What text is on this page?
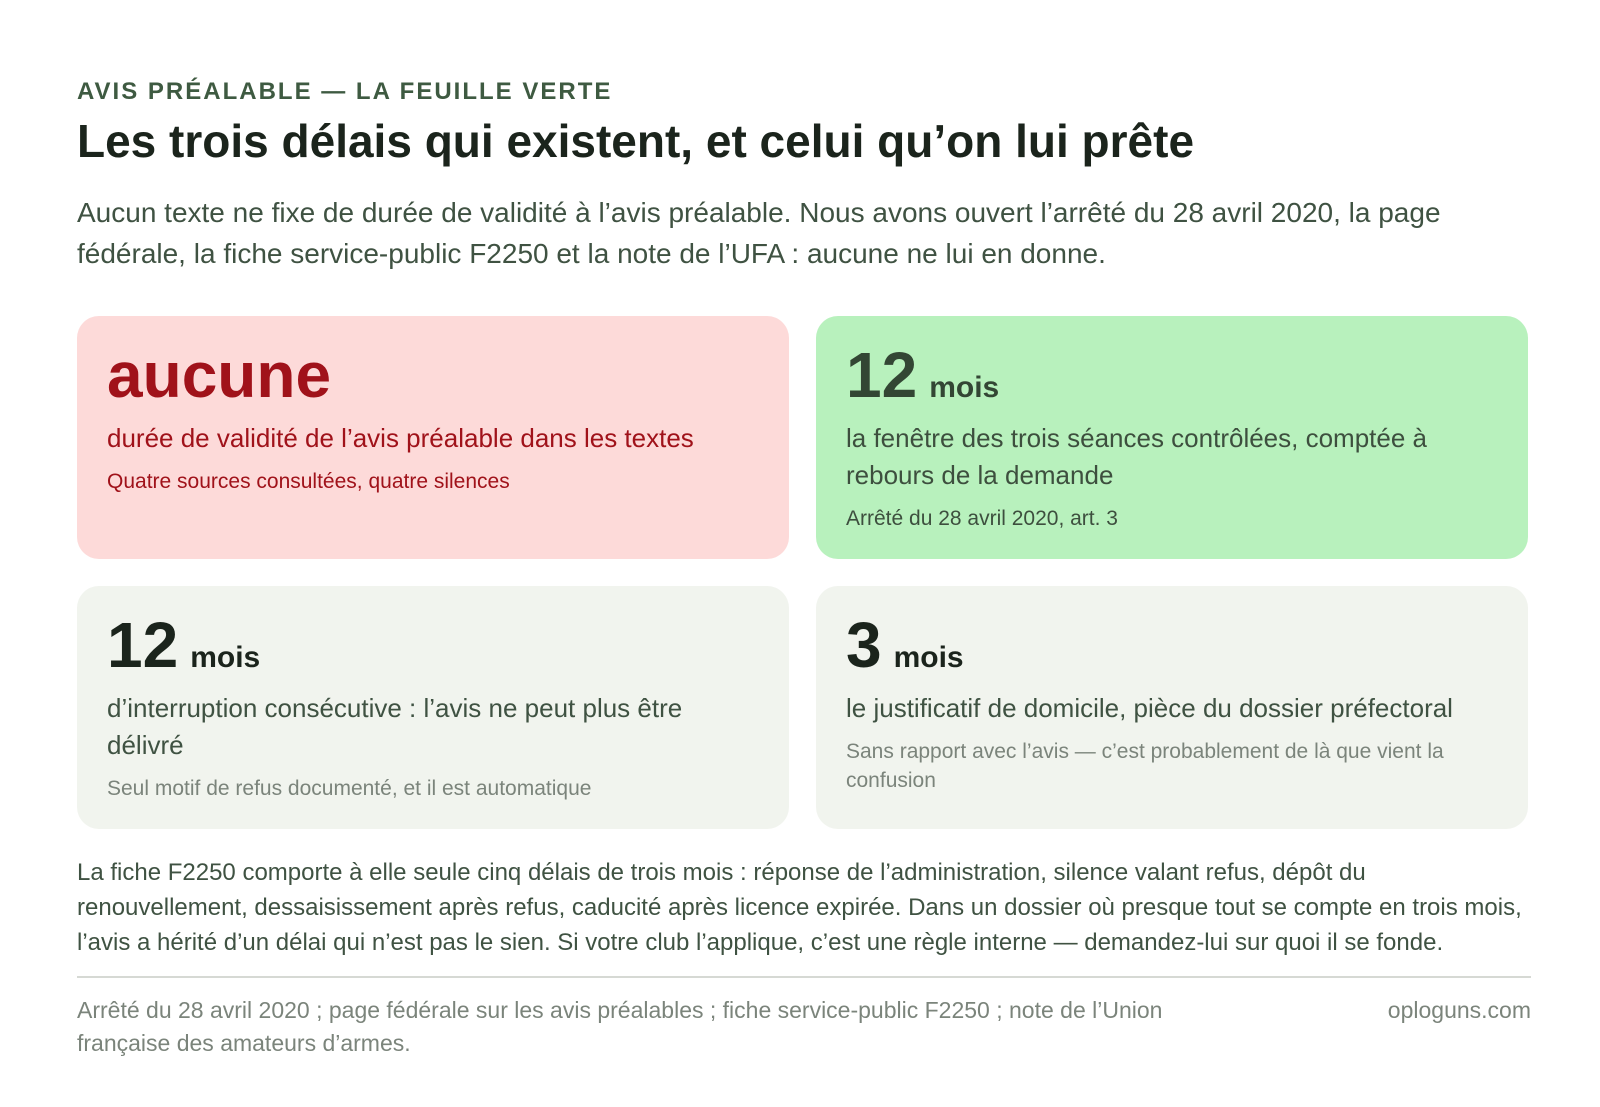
AVIS PRÉALABLE — LA FEUILLE VERTE
Les trois délais qui existent, et celui qu’on lui prête

Aucun texte ne fixe de durée de validité à l’avis préalable. Nous avons ouvert l’arrêté du 28 avril 2020, la page fédérale, la fiche service-public F2250 et la note de l’UFA : aucune ne lui en donne.

aucune

durée de validité de l’avis préalable dans les textes

Quatre sources consultées, quatre silences

12 mois

la fenêtre des trois séances contrôlées, comptée à rebours de la demande

Arrêté du 28 avril 2020, art. 3

12 mois

d’interruption consécutive : l’avis ne peut plus être délivré

Seul motif de refus documenté, et il est automatique

3 mois

le justificatif de domicile, pièce du dossier préfectoral

Sans rapport avec l’avis — c’est probablement de là que vient la confusion

La fiche F2250 comporte à elle seule cinq délais de trois mois : réponse de l’administration, silence valant refus, dépôt du renouvellement, dessaisissement après refus, caducité après licence expirée. Dans un dossier où presque tout se compte en trois mois, l’avis a hérité d’un délai qui n’est pas le sien. Si votre club l’applique, c’est une règle interne — demandez-lui sur quoi il se fonde.

Arrêté du 28 avril 2020 ; page fédérale sur les avis préalables ; fiche service-public F2250 ; note de l’Union française des amateurs d’armes.

oploguns.com
